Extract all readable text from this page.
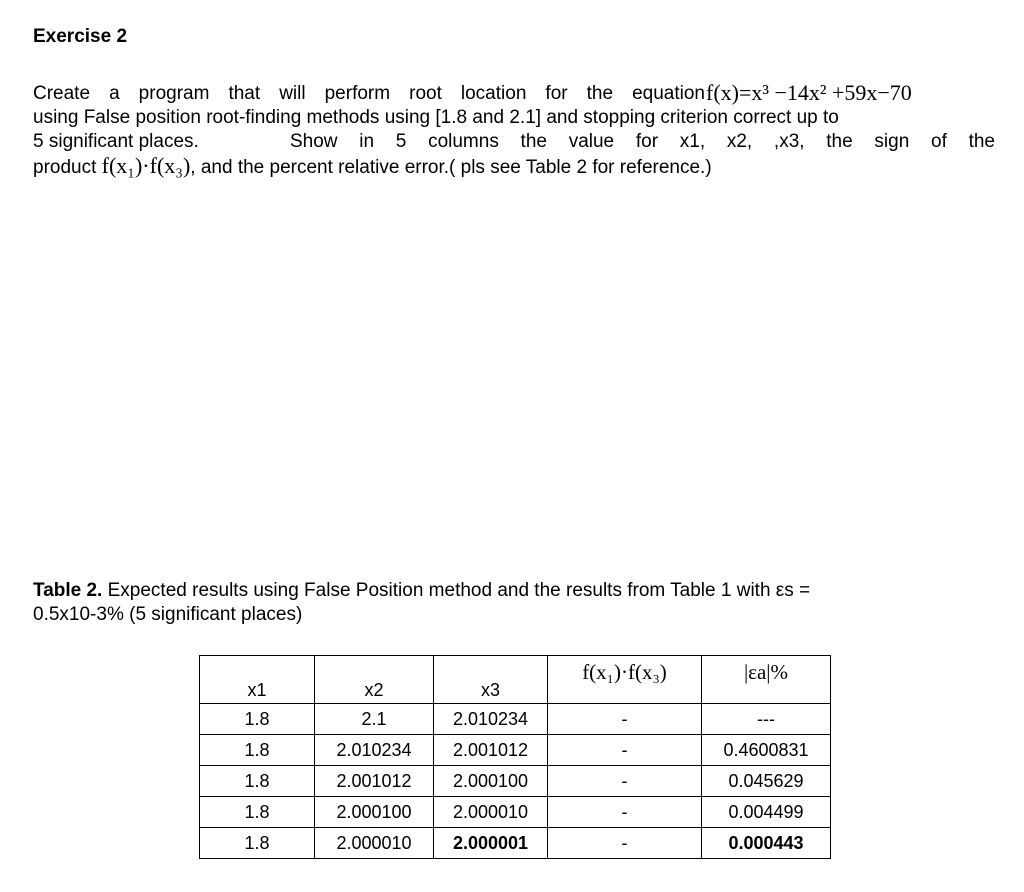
Exercise 2
Create a program that will perform root location for the equation
using False position root-finding methods using [1.8 and 2.1] and stopping criterion correct up to
5 significant places.	Show in 5 columns the value for x1, x2, ,x3, the sign of the
product f(x₁)·f(x₃), and the percent relative error.( pls see Table 2 for reference.)
f(x)=x³ −14x² +59x−70
Table 2. Expected results using False Position method and the results from Table 1 with εs =
0.5x10-3% (5 significant places)
x1	x2	x3	f(x₁)·f(x₃)	|εa|%
1.8	2.1	2.010234	-	---
1.8	2.010234	2.001012	-	0.4600831
1.8	2.001012	2.000100	-	0.045629
1.8	2.000100	2.000010	-	0.004499
1.8	2.000010	2.000001	-	0.000443
